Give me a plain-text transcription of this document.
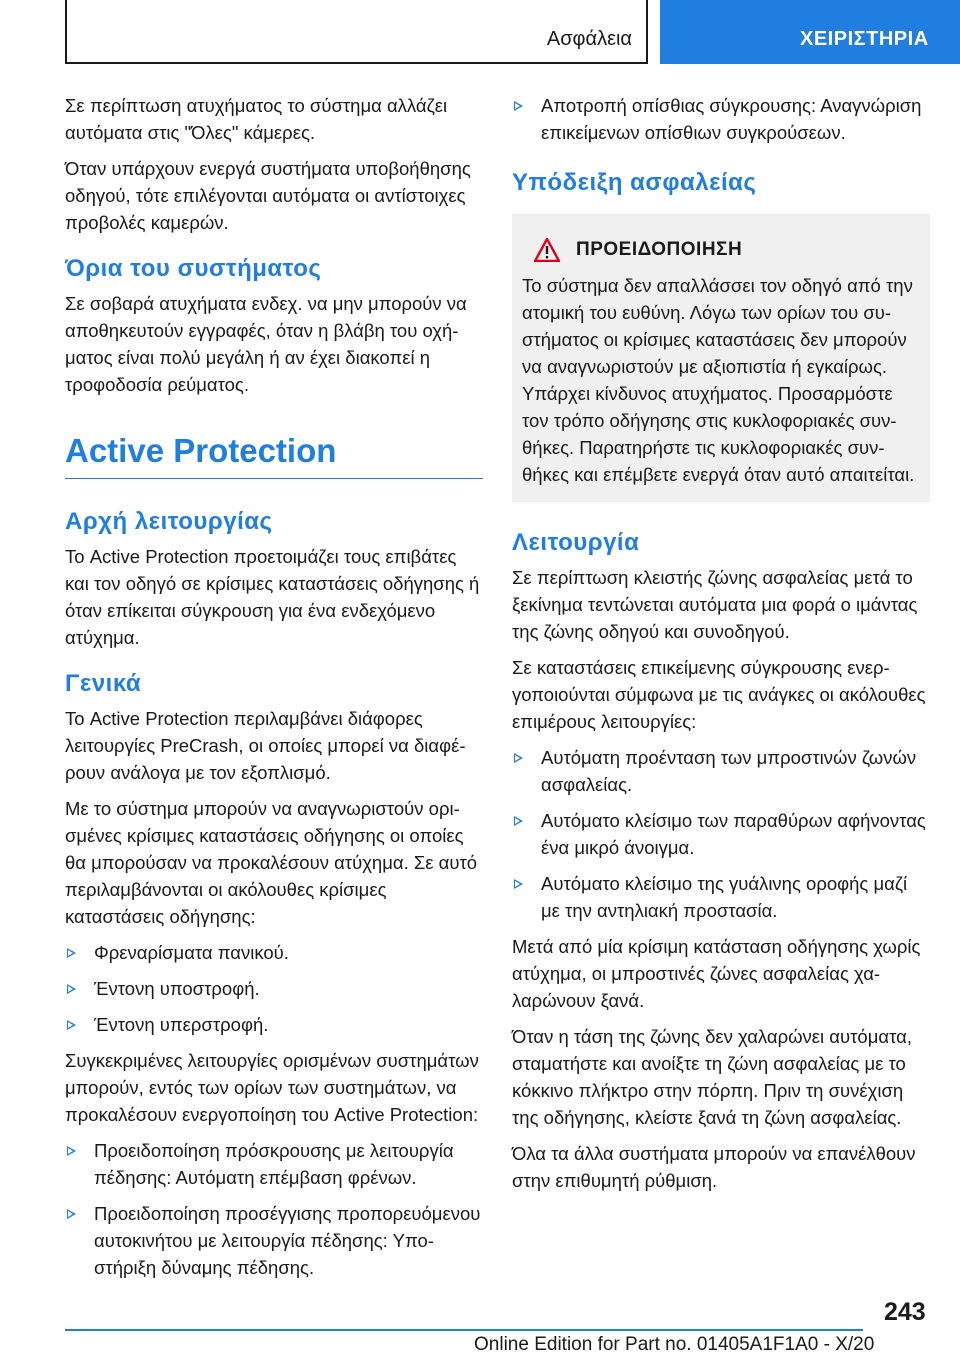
Ασφάλεια	ΧΕΙΡΙΣΤΗΡΙΑ

Σε περίπτωση ατυχήματος το σύστημα αλλάζει αυτόματα στις "Όλες" κάμερες.

Όταν υπάρχουν ενεργά συστήματα υποβοήθησης οδηγού, τότε επιλέγονται αυτόματα οι αντίστοιχες προβολές καμερών.

Όρια του συστήματος

Σε σοβαρά ατυχήματα ενδεχ. να μην μπορούν να αποθηκευτούν εγγραφές, όταν η βλάβη του οχήματος είναι πολύ μεγάλη ή αν έχει διακοπεί η τροφοδοσία ρεύματος.

Active Protection
Αρχή λειτουργίας

Το Active Protection προετοιμάζει τους επιβάτες και τον οδηγό σε κρίσιμες καταστάσεις οδήγησης ή όταν επίκειται σύγκρουση για ένα ενδεχόμενο ατύχημα.

Γενικά

Το Active Protection περιλαμβάνει διάφορες λειτουργίες PreCrash, οι οποίες μπορεί να διαφέρουν ανάλογα με τον εξοπλισμό.

Με το σύστημα μπορούν να αναγνωριστούν ορισμένες κρίσιμες καταστάσεις οδήγησης οι οποίες θα μπορούσαν να προκαλέσουν ατύχημα. Σε αυτό περιλαμβάνονται οι ακόλουθες κρίσιμες καταστάσεις οδήγησης:

Φρεναρίσματα πανικού.
Έντονη υποστροφή.
Έντονη υπερστροφή.

Συγκεκριμένες λειτουργίες ορισμένων συστημάτων μπορούν, εντός των ορίων των συστημάτων, να προκαλέσουν ενεργοποίηση του Active Protection:

Προειδοποίηση πρόσκρουσης με λειτουργία πέδησης: Αυτόματη επέμβαση φρένων.
Προειδοποίηση προσέγγισης προπορευόμενου αυτοκινήτου με λειτουργία πέδησης: Υποστήριξη δύναμης πέδησης.
Αποτροπή οπίσθιας σύγκρουσης: Αναγνώριση επικείμενων οπίσθιων συγκρούσεων.
Υπόδειξη ασφαλείας
ΠΡΟΕΙΔΟΠΟΙΗΣΗ

Το σύστημα δεν απαλλάσσει τον οδηγό από την ατομική του ευθύνη. Λόγω των ορίων του συστήματος οι κρίσιμες καταστάσεις δεν μπορούν να αναγνωριστούν με αξιοπιστία ή εγκαίρως. Υπάρχει κίνδυνος ατυχήματος. Προσαρμόστε τον τρόπο οδήγησης στις κυκλοφοριακές συνθήκες. Παρατηρήστε τις κυκλοφοριακές συνθήκες και επέμβετε ενεργά όταν αυτό απαιτείται.

Λειτουργία

Σε περίπτωση κλειστής ζώνης ασφαλείας μετά το ξεκίνημα τεντώνεται αυτόματα μια φορά ο ιμάντας της ζώνης οδηγού και συνοδηγού.

Σε καταστάσεις επικείμενης σύγκρουσης ενεργοποιούνται σύμφωνα με τις ανάγκες οι ακόλουθες επιμέρους λειτουργίες:

Αυτόματη προένταση των μπροστινών ζωνών ασφαλείας.
Αυτόματο κλείσιμο των παραθύρων αφήνοντας ένα μικρό άνοιγμα.
Αυτόματο κλείσιμο της γυάλινης οροφής μαζί με την αντηλιακή προστασία.

Μετά από μία κρίσιμη κατάσταση οδήγησης χωρίς ατύχημα, οι μπροστινές ζώνες ασφαλείας χαλαρώνουν ξανά.

Όταν η τάση της ζώνης δεν χαλαρώνει αυτόματα, σταματήστε και ανοίξτε τη ζώνη ασφαλείας με το κόκκινο πλήκτρο στην πόρπη. Πριν τη συνέχιση της οδήγησης, κλείστε ξανά τη ζώνη ασφαλείας.

Όλα τα άλλα συστήματα μπορούν να επανέλθουν στην επιθυμητή ρύθμιση.

243
Online Edition for Part no. 01405A1F1A0 - X/20
